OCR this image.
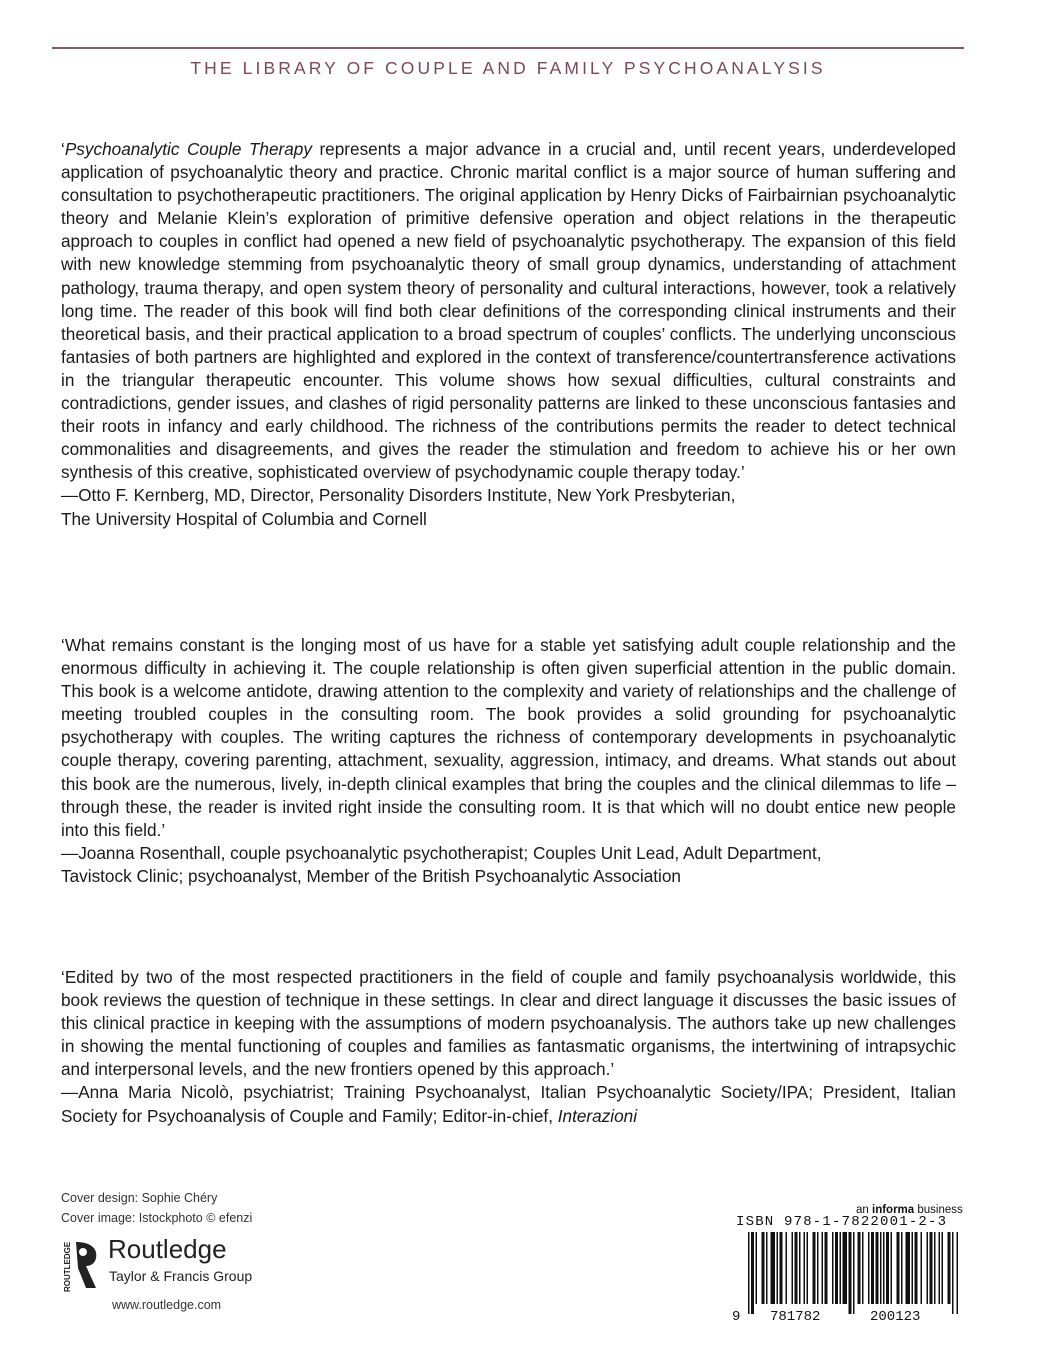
THE LIBRARY OF COUPLE AND FAMILY PSYCHOANALYSIS

‘Psychoanalytic Couple Therapy represents a major advance in a crucial and, until recent years, underdeveloped application of psychoanalytic theory and practice. Chronic marital conflict is a major source of human suffering and consultation to psychotherapeutic practitioners. The original application by Henry Dicks of Fairbairnian psychoanalytic theory and Melanie Klein’s exploration of primitive defensive operation and object relations in the therapeutic approach to couples in conflict had opened a new field of psychoanalytic psychotherapy. The expansion of this field with new knowledge stemming from psychoanalytic theory of small group dynamics, understanding of attachment pathology, trauma therapy, and open system theory of personality and cultural interactions, however, took a relatively long time. The reader of this book will find both clear definitions of the corresponding clinical instruments and their theoretical basis, and their practical application to a broad spectrum of couples’ conflicts. The underlying unconscious fantasies of both partners are highlighted and explored in the context of transference/countertransference activations in the triangular therapeutic encounter. This volume shows how sexual difficulties, cultural constraints and contradictions, gender issues, and clashes of rigid personality patterns are linked to these unconscious fantasies and their roots in infancy and early childhood. The richness of the contributions permits the reader to detect technical commonalities and disagreements, and gives the reader the stimulation and freedom to achieve his or her own synthesis of this creative, sophisticated overview of psychodynamic couple therapy today.’

—Otto F. Kernberg, MD, Director, Personality Disorders Institute, New York Presbyterian,
The University Hospital of Columbia and Cornell

‘What remains constant is the longing most of us have for a stable yet satisfying adult couple relationship and the enormous difficulty in achieving it. The couple relationship is often given superficial attention in the public domain. This book is a welcome antidote, drawing attention to the complexity and variety of relationships and the challenge of meeting troubled couples in the consulting room. The book provides a solid grounding for psychoanalytic psychotherapy with couples. The writing captures the richness of contemporary developments in psychoanalytic couple therapy, covering parenting, attachment, sexuality, aggression, intimacy, and dreams. What stands out about this book are the numerous, lively, in-depth clinical examples that bring the couples and the clinical dilemmas to life – through these, the reader is invited right inside the consulting room. It is that which will no doubt entice new people into this field.’

—Joanna Rosenthall, couple psychoanalytic psychotherapist; Couples Unit Lead, Adult Department,
Tavistock Clinic; psychoanalyst, Member of the British Psychoanalytic Association

‘Edited by two of the most respected practitioners in the field of couple and family psychoanalysis worldwide, this book reviews the question of technique in these settings. In clear and direct language it discusses the basic issues of this clinical practice in keeping with the assumptions of modern psychoanalysis. The authors take up new challenges in showing the mental functioning of couples and families as fantasmatic organisms, the intertwining of intrapsychic and interpersonal levels, and the new frontiers opened by this approach.’

—Anna Maria Nicolò, psychiatrist; Training Psychoanalyst, Italian Psychoanalytic Society/IPA; President, Italian Society for Psychoanalysis of Couple and Family; Editor-in-chief, Interazioni

Cover design: Sophie Chéry
Cover image: Istockphoto © efenzi
ROUTLEDGE Routledge
Taylor & Francis Group
www.routledge.com
an informa business
ISBN 978-1-7822001-2-3
9 781782	200123
